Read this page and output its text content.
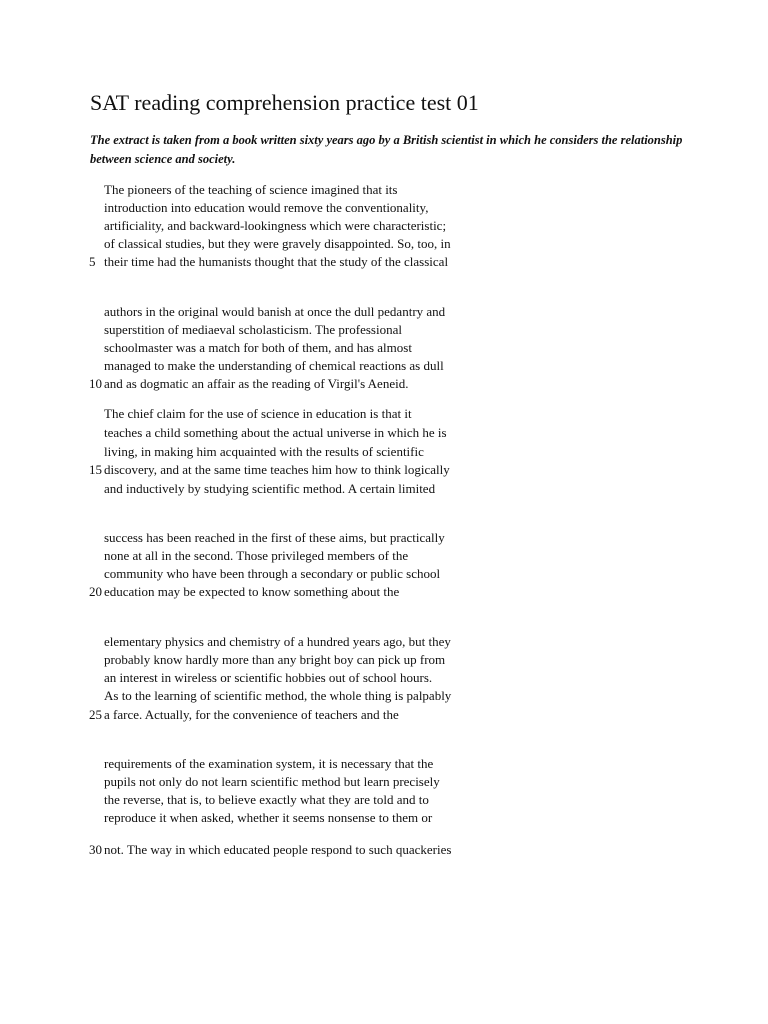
SAT reading comprehension practice test 01

The extract is taken from a book written sixty years ago by a British scientist in which he considers the relationship between science and society.

The pioneers of the teaching of science imagined that its
introduction into education would remove the conventionality,
artificiality, and backward-lookingness which were characteristic;
of classical studies, but they were gravely disappointed. So, too, in
5 their time had the humanists thought that the study of the classical
authors in the original would banish at once the dull pedantry and
superstition of mediaeval scholasticism. The professional
schoolmaster was a match for both of them, and has almost
managed to make the understanding of chemical reactions as dull
10 and as dogmatic an affair as the reading of Virgil's Aeneid.
The chief claim for the use of science in education is that it
teaches a child something about the actual universe in which he is
living, in making him acquainted with the results of scientific
15 discovery, and at the same time teaches him how to think logically
and inductively by studying scientific method. A certain limited
success has been reached in the first of these aims, but practically
none at all in the second. Those privileged members of the
community who have been through a secondary or public school
20 education may be expected to know something about the
elementary physics and chemistry of a hundred years ago, but they
probably know hardly more than any bright boy can pick up from
an interest in wireless or scientific hobbies out of school hours.
As to the learning of scientific method, the whole thing is palpably
25 a farce. Actually, for the convenience of teachers and the
requirements of the examination system, it is necessary that the
pupils not only do not learn scientific method but learn precisely
the reverse, that is, to believe exactly what they are told and to
reproduce it when asked, whether it seems nonsense to them or
30 not. The way in which educated people respond to such quackeries
